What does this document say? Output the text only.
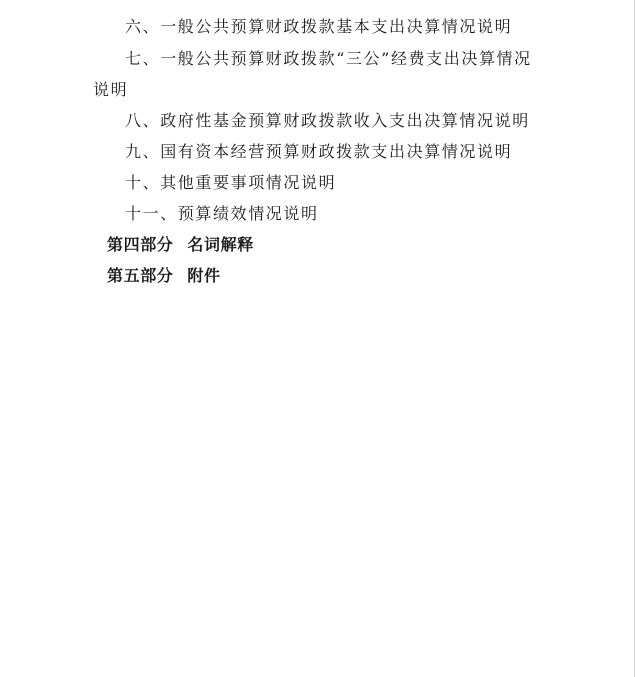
六、一般公共预算财政拨款基本支出决算情况说明
七、一般公共预算财政拨款“三公”经费支出决算情况
说明
八、政府性基金预算财政拨款收入支出决算情况说明
九、国有资本经营预算财政拨款支出决算情况说明
十、其他重要事项情况说明
十一、预算绩效情况说明
第四部分 名词解释
第五部分 附件
